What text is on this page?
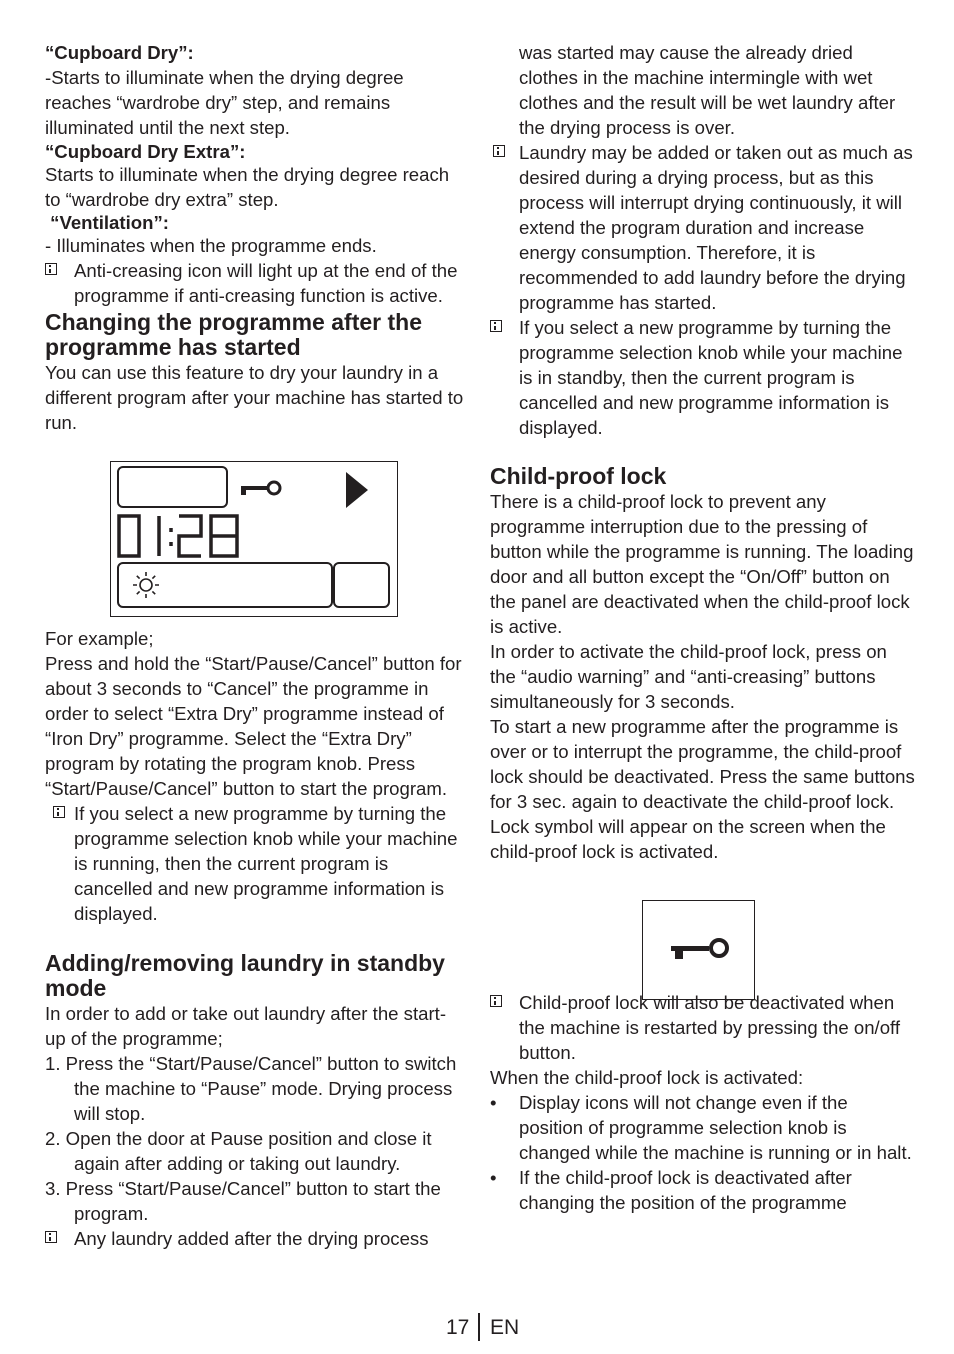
“Cupboard Dry”:

-Starts to illuminate when the drying degree reaches “wardrobe dry” step, and remains illuminated until the next step.

“Cupboard Dry Extra”:

Starts to illuminate when the drying degree reach to “wardrobe dry extra” step.

“Ventilation”:

- Illuminates when the programme ends.

Anti-creasing icon will light up at the end of the programme if anti-creasing function is active.
Changing the programme after the programme has started

You can use this feature to dry your laundry in a different program after your machine has started to run.

For example;

Press and hold the “Start/Pause/Cancel” button for about 3 seconds to “Cancel” the programme in order to select “Extra Dry” programme instead of “Iron Dry” programme. Select the “Extra Dry” program by rotating the program knob. Press “Start/Pause/Cancel” button to start the program.

If you select a new programme by turning the programme selection knob while your machine is running, then the current program is cancelled and new programme information is displayed.
Adding/removing laundry in standby mode

In order to add or take out laundry after the start-up of the programme;

1. Press the “Start/Pause/Cancel” button to switch the machine to “Pause” mode. Drying process will stop.

2. Open the door at Pause position and close it again after adding or taking out laundry.

3. Press “Start/Pause/Cancel” button to start the program.

Any laundry added after the drying process

was started may cause the already dried clothes in the machine intermingle with wet clothes and the result will be wet laundry after the drying process is over.

Laundry may be added or taken out as much as desired during a drying process, but as this process will interrupt drying continuously, it will extend the program duration and increase energy consumption. Therefore, it is recommended to add laundry before the drying programme has started.
If you select a new programme by turning the programme selection knob while your machine is in standby, then the current program is cancelled and new programme information is displayed.
Child-proof lock

There is a child-proof lock to prevent any programme interruption due to the pressing of button while the programme is running. The loading door and all button except the “On/Off” button on the panel are deactivated when the child-proof lock is active.

In order to activate the child-proof lock, press on the “audio warning” and “anti-creasing” buttons simultaneously for 3 seconds.

To start a new programme after the programme is over or to interrupt the programme, the child-proof lock should be deactivated. Press the same buttons for 3 sec. again to deactivate the child-proof lock.

Lock symbol will appear on the screen when the child-proof lock is activated.

Child-proof lock will also be deactivated when the machine is restarted by pressing the on/off button.

When the child-proof lock is activated:

• Display icons will not change even if the position of programme selection knob is changed while the machine is running or in halt.
• If the child-proof lock is deactivated after changing the position of the programme
17 EN
